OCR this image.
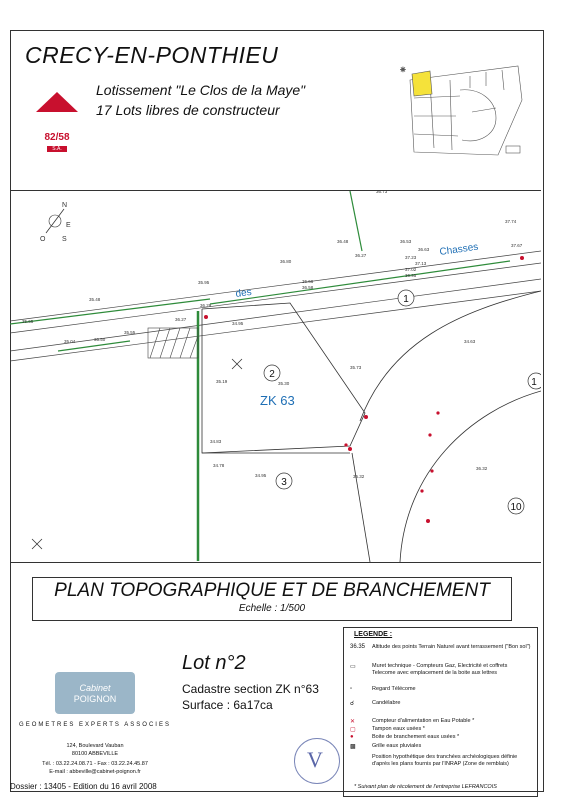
CRECY-EN-PONTHIEU
Lotissement "Le Clos de la Maye"
17 Lots libres de constructeur
82/58
S.A.
✳
N
E
O S
1
2
3
10
1
des
Chasses
ZK 63
36.73
36.48
36.27
35.95
35.48
35.04	34.63
35.19	35.30
35.73
34.83
34.78
34.95	35.32
36.32
36.63
36.53
37.13
36.95
37.02
37.23
37.74
37.67
36.29
36.27
36.80
35.50
35.65
35.55
34.95
36.66
36.58
PLAN TOPOGRAPHIQUE ET DE BRANCHEMENT
Echelle : 1/500
Lot n°2
Cadastre section ZK n°63
Surface : 6a17ca
V
Cabinet
POIGNON
GEOMETRES EXPERTS ASSOCIES
124, Boulevard Vauban
80100 ABBEVILLE
Tél. : 03.22.24.08.71 - Fax : 03.22.24.45.87
E-mail : abbeville@cabinet-poignon.fr
Dossier : 13405 - Edition du 16 avril 2008
LEGENDE :
36.35 Altitude des points Terrain Naturel avant terrassement ("Bon sol")
▭	Muret technique - Compteurs Gaz, Electricité et coffrets Telecome avec emplacement de la boite aux lettres
▫	Regard Télécome
☌	Candélabre
✕	Compteur d'alimentation en Eau Potable *
▢	Tampon eaux usées *
●	Boite de branchement eaux usées *
▩	Grille eaux pluviales
Position hypothétique des tranchées archéologiques définie d'après les plans fournis par l'INRAP (Zone de remblais)
* Suivant plan de récolement de l'entreprise LEFRANCOIS
